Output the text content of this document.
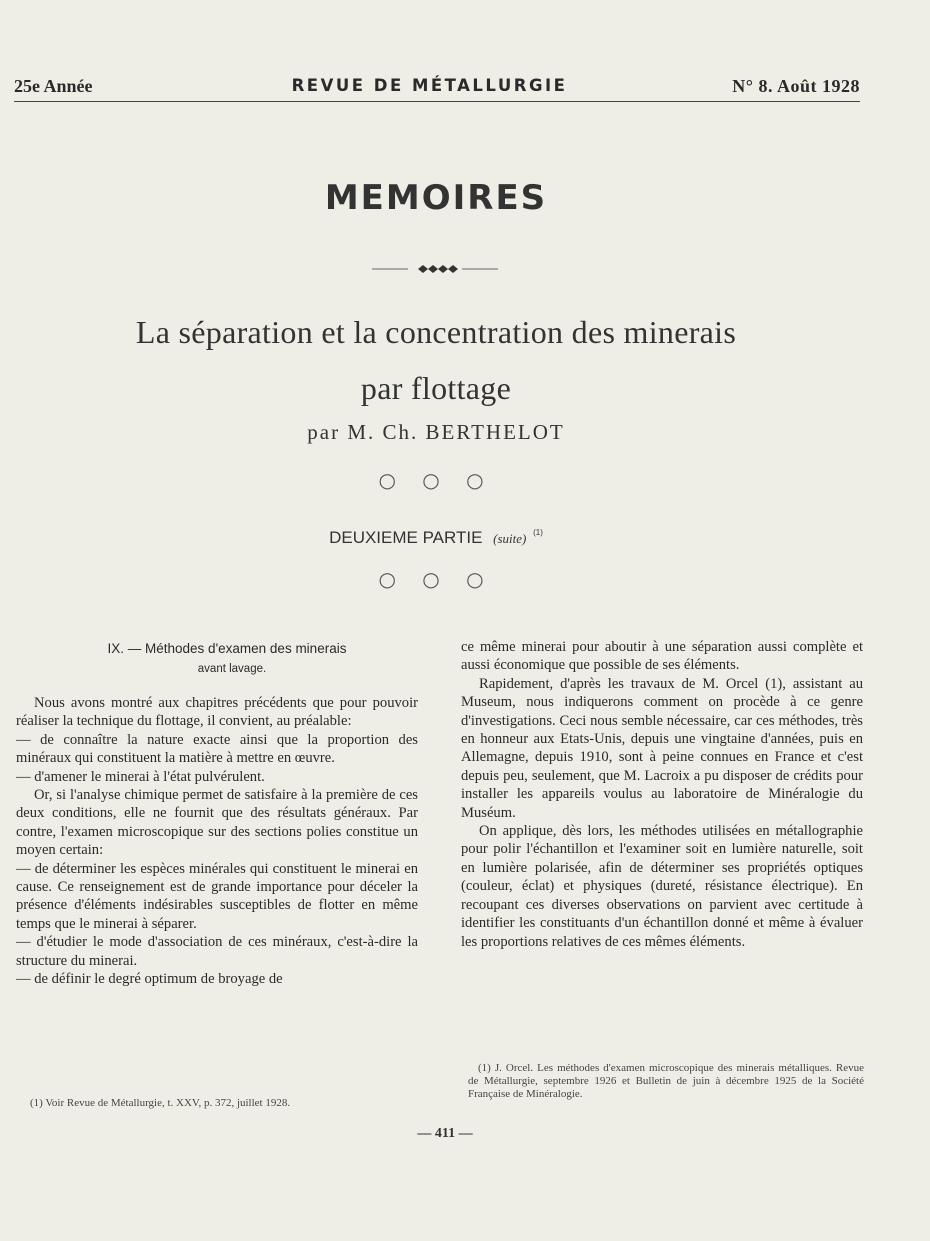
25e Année	REVUE DE MÉTALLURGIE	N° 8. Août 1928
MEMOIRES
La séparation et la concentration des minerais
par flottage
par M. Ch. BERTHELOT
○ ○ ○
DEUXIEME PARTIE (suite) $^{(1)}$
○ ○ ○
IX. — Méthodes d'examen des minerais
avant lavage.

Nous avons montré aux chapitres précédents que pour pouvoir réaliser la technique du flottage, il convient, au préalable:

— de connaître la nature exacte ainsi que la proportion des minéraux qui constituent la matière à mettre en œuvre.

— d'amener le minerai à l'état pulvérulent.

Or, si l'analyse chimique permet de satisfaire à la première de ces deux conditions, elle ne fournit que des résultats généraux. Par contre, l'examen microscopique sur des sections polies constitue un moyen certain:

— de déterminer les espèces minérales qui constituent le minerai en cause. Ce renseignement est de grande importance pour déceler la présence d'éléments indésirables susceptibles de flotter en même temps que le minerai à séparer.

— d'étudier le mode d'association de ces minéraux, c'est-à-dire la structure du minerai.

— de définir le degré optimum de broyage de

(1) Voir Revue de Métallurgie, t. XXV, p. 372, juillet 1928.

ce même minerai pour aboutir à une séparation aussi complète et aussi économique que possible de ses éléments.

Rapidement, d'après les travaux de M. Orcel (1), assistant au Museum, nous indiquerons comment on procède à ce genre d'investigations. Ceci nous semble nécessaire, car ces méthodes, très en honneur aux Etats-Unis, depuis une vingtaine d'années, puis en Allemagne, depuis 1910, sont à peine connues en France et c'est depuis peu, seulement, que M. Lacroix a pu disposer de crédits pour installer les appareils voulus au laboratoire de Minéralogie du Muséum.

On applique, dès lors, les méthodes utilisées en métallographie pour polir l'échantillon et l'examiner soit en lumière naturelle, soit en lumière polarisée, afin de déterminer ses propriétés optiques (couleur, éclat) et physiques (dureté, résistance électrique). En recoupant ces diverses observations on parvient avec certitude à identifier les constituants d'un échantillon donné et même à évaluer les proportions relatives de ces mêmes éléments.

(1) J. Orcel. Les méthodes d'examen microscopique des minerais métalliques. Revue de Métallurgie, septembre 1926 et Bulletin de juin à décembre 1925 de la Société Française de Minéralogie.
— 411 —
